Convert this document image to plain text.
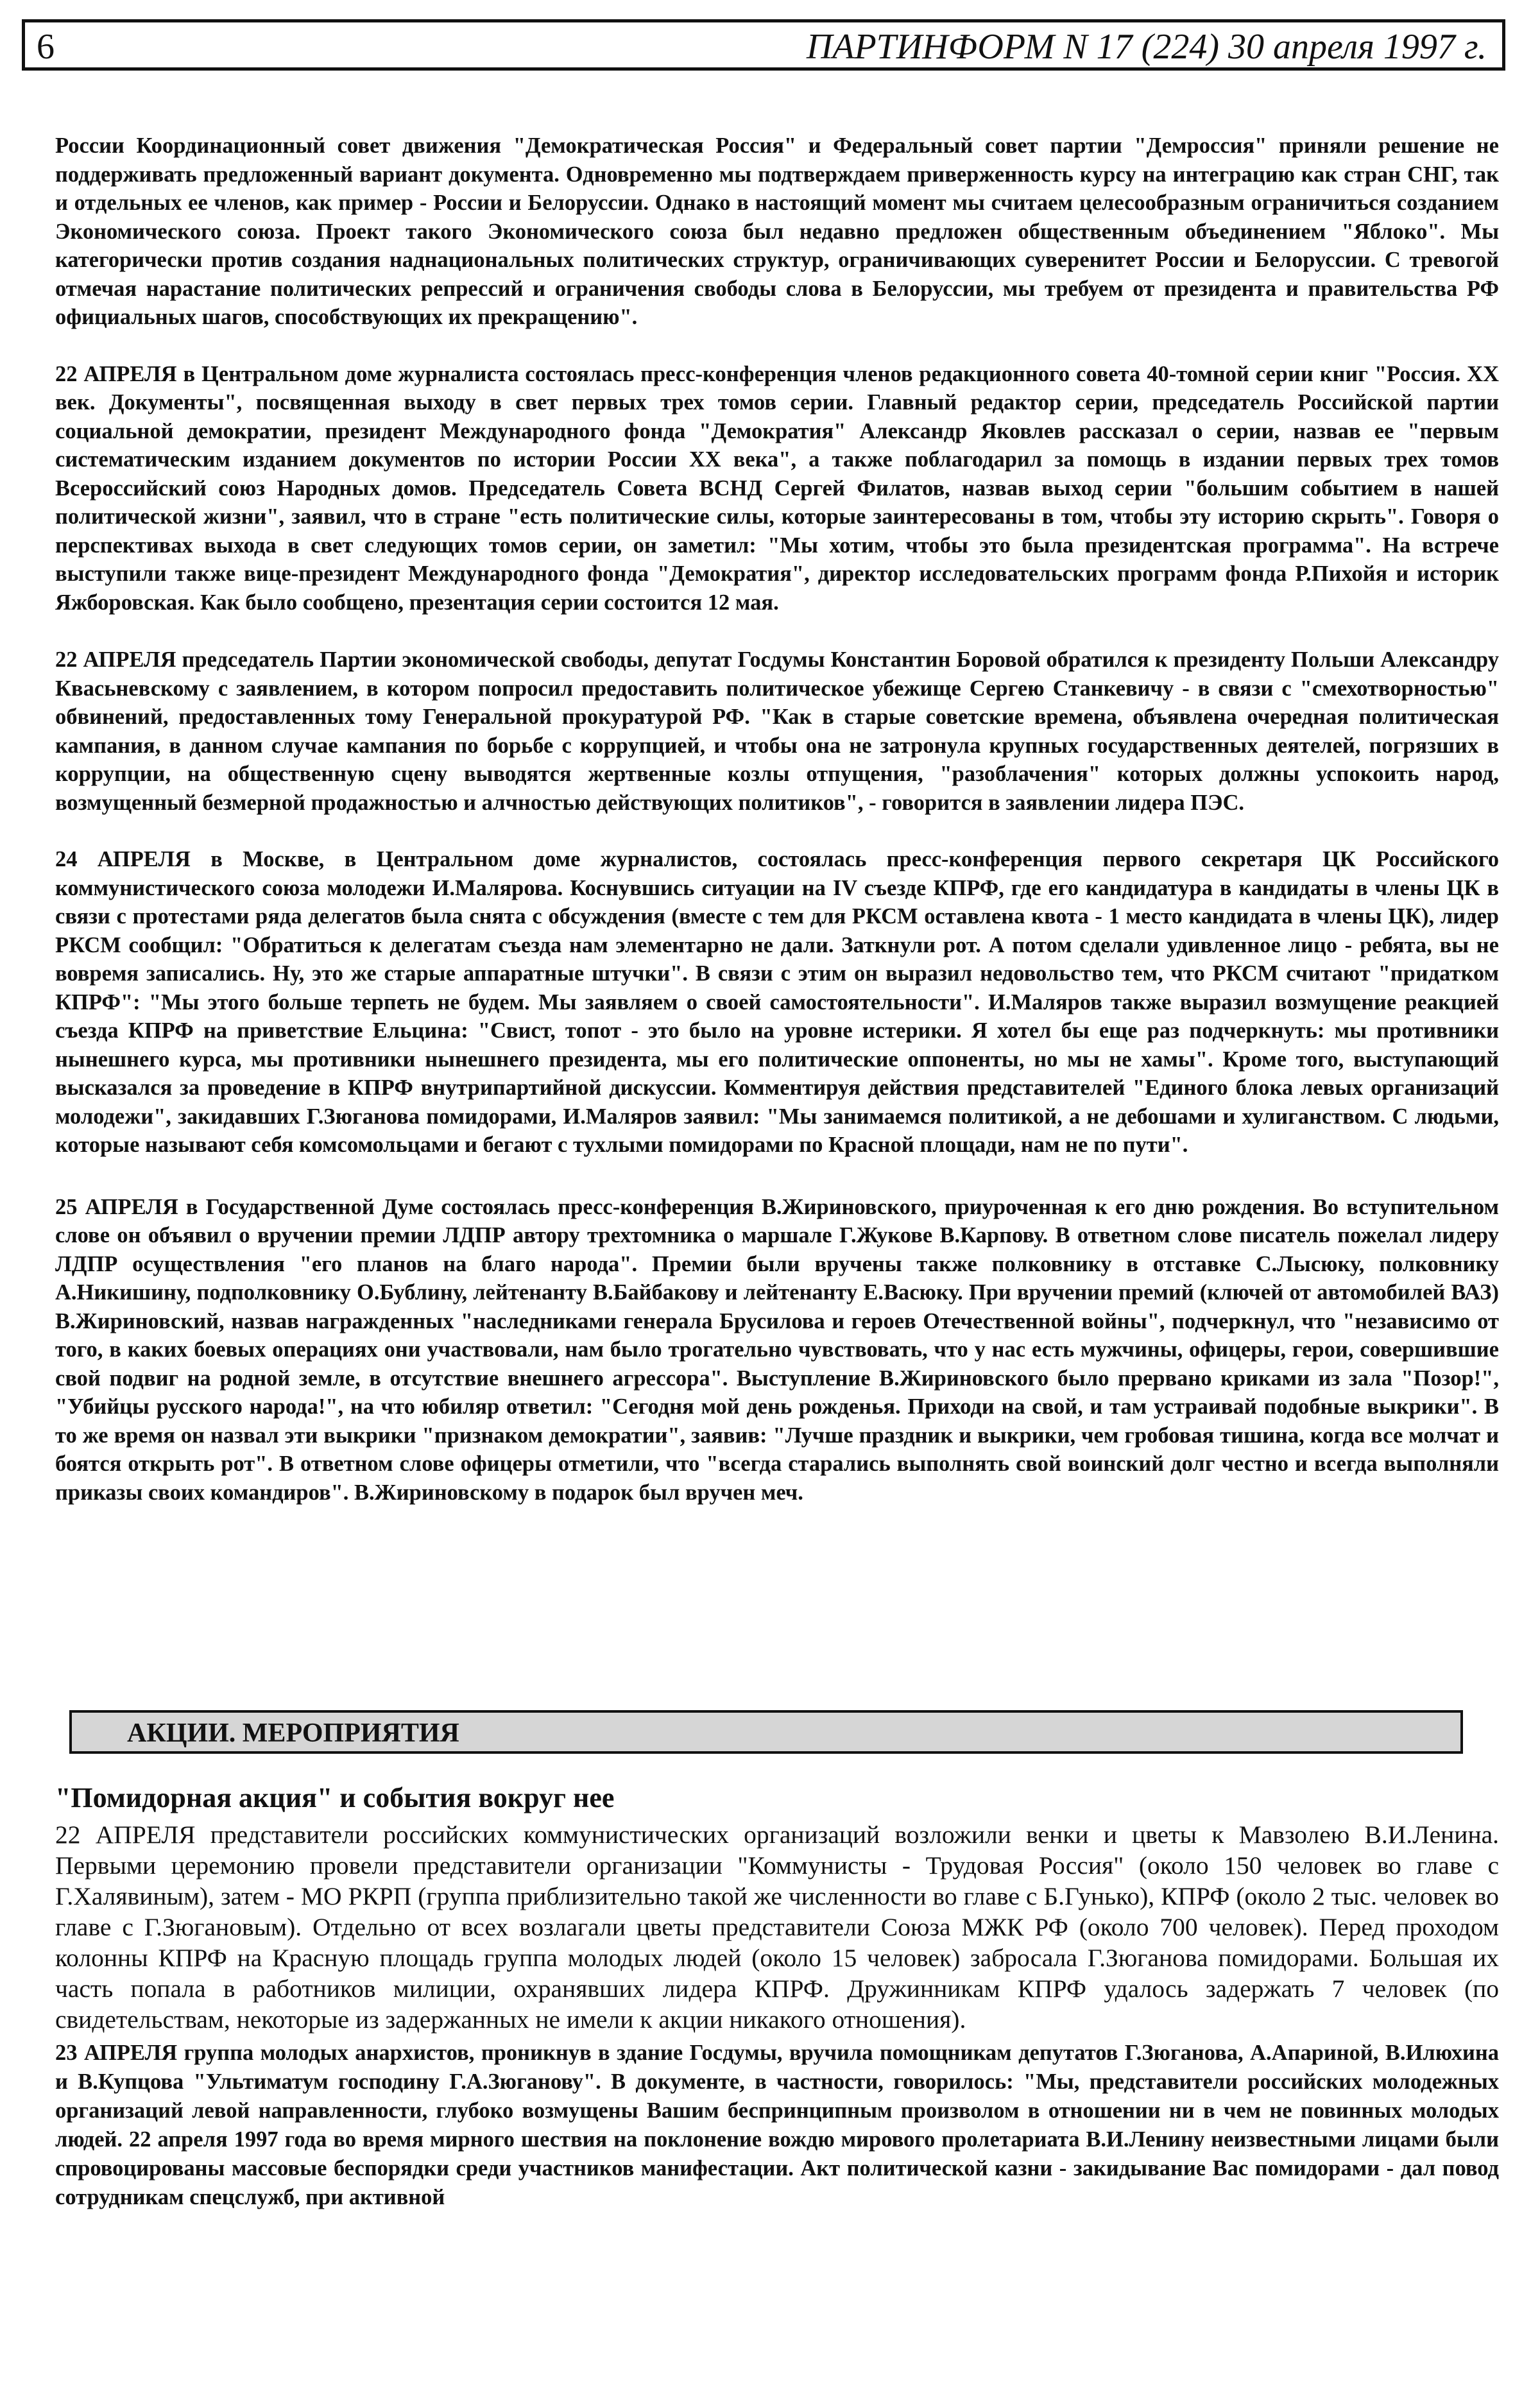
6	ПАРТИНФОРМ N 17 (224) 30 апреля 1997 г.

России Координационный совет движения "Демократическая Россия" и Федеральный совет партии "Демроссия" приняли решение не поддерживать предложенный вариант документа. Одновременно мы подтверждаем приверженность курсу на интеграцию как стран СНГ, так и отдельных ее членов, как пример - России и Белоруссии. Однако в настоящий момент мы считаем целесообразным ограничиться созданием Экономического союза. Проект такого Экономического союза был недавно предложен общественным объединением "Яблоко". Мы категорически против создания наднациональных политических структур, ограничивающих суверенитет России и Белоруссии. С тревогой отмечая нарастание политических репрессий и ограничения свободы слова в Белоруссии, мы требуем от президента и правительства РФ официальных шагов, способствующих их прекращению".

22 АПРЕЛЯ в Центральном доме журналиста состоялась пресс-конференция членов редакционного совета 40-томной серии книг "Россия. XX век. Документы", посвященная выходу в свет первых трех томов серии. Главный редактор серии, председатель Российской партии социальной демократии, президент Международного фонда "Демократия" Александр Яковлев рассказал о серии, назвав ее "первым систематическим изданием документов по истории России XX века", а также поблагодарил за помощь в издании первых трех томов Всероссийский союз Народных домов. Председатель Совета ВСНД Сергей Филатов, назвав выход серии "большим событием в нашей политической жизни", заявил, что в стране "есть политические силы, которые заинтересованы в том, чтобы эту историю скрыть". Говоря о перспективах выхода в свет следующих томов серии, он заметил: "Мы хотим, чтобы это была президентская программа". На встрече выступили также вице-президент Международного фонда "Демократия", директор исследовательских программ фонда Р.Пихойя и историк Яжборовская. Как было сообщено, презентация серии состоится 12 мая.

22 АПРЕЛЯ председатель Партии экономической свободы, депутат Госдумы Константин Боровой обратился к президенту Польши Александру Квасьневскому с заявлением, в котором попросил предоставить политическое убежище Сергею Станкевичу - в связи с "смехотворностью" обвинений, предоставленных тому Генеральной прокуратурой РФ. "Как в старые советские времена, объявлена очередная политическая кампания, в данном случае кампания по борьбе с коррупцией, и чтобы она не затронула крупных государственных деятелей, погрязших в коррупции, на общественную сцену выводятся жертвенные козлы отпущения, "разоблачения" которых должны успокоить народ, возмущенный безмерной продажностью и алчностью действующих политиков", - говорится в заявлении лидера ПЭС.

24 АПРЕЛЯ в Москве, в Центральном доме журналистов, состоялась пресс-конференция первого секретаря ЦК Российского коммунистического союза молодежи И.Малярова. Коснувшись ситуации на IV съезде КПРФ, где его кандидатура в кандидаты в члены ЦК в связи с протестами ряда делегатов была снята с обсуждения (вместе с тем для РКСМ оставлена квота - 1 место кандидата в члены ЦК), лидер РКСМ сообщил: "Обратиться к делегатам съезда нам элементарно не дали. Заткнули рот. А потом сделали удивленное лицо - ребята, вы не вовремя записались. Ну, это же старые аппаратные штучки". В связи с этим он выразил недовольство тем, что РКСМ считают "придатком КПРФ": "Мы этого больше терпеть не будем. Мы заявляем о своей самостоятельности". И.Маляров также выразил возмущение реакцией съезда КПРФ на приветствие Ельцина: "Свист, топот - это было на уровне истерики. Я хотел бы еще раз подчеркнуть: мы противники нынешнего курса, мы противники нынешнего президента, мы его политические оппоненты, но мы не хамы". Кроме того, выступающий высказался за проведение в КПРФ внутрипартийной дискуссии. Комментируя действия представителей "Единого блока левых организаций молодежи", закидавших Г.Зюганова помидорами, И.Маляров заявил: "Мы занимаемся политикой, а не дебошами и хулиганством. С людьми, которые называют себя комсомольцами и бегают с тухлыми помидорами по Красной площади, нам не по пути".

25 АПРЕЛЯ в Государственной Думе состоялась пресс-конференция В.Жириновского, приуроченная к его дню рождения. Во вступительном слове он объявил о вручении премии ЛДПР автору трехтомника о маршале Г.Жукове В.Карпову. В ответном слове писатель пожелал лидеру ЛДПР осуществления "его планов на благо народа". Премии были вручены также полковнику в отставке С.Лысюку, полковнику А.Никишину, подполковнику О.Бублину, лейтенанту В.Байбакову и лейтенанту Е.Васюку. При вручении премий (ключей от автомобилей ВАЗ) В.Жириновский, назвав награжденных "наследниками генерала Брусилова и героев Отечественной войны", подчеркнул, что "независимо от того, в каких боевых операциях они участвовали, нам было трогательно чувствовать, что у нас есть мужчины, офицеры, герои, совершившие свой подвиг на родной земле, в отсутствие внешнего агрессора". Выступление В.Жириновского было прервано криками из зала "Позор!", "Убийцы русского народа!", на что юбиляр ответил: "Сегодня мой день рожденья. Приходи на свой, и там устраивай подобные выкрики". В то же время он назвал эти выкрики "признаком демократии", заявив: "Лучше праздник и выкрики, чем гробовая тишина, когда все молчат и боятся открыть рот". В ответном слове офицеры отметили, что "всегда старались выполнять свой воинский долг честно и всегда выполняли приказы своих командиров". В.Жириновскому в подарок был вручен меч.

АКЦИИ. МЕРОПРИЯТИЯ

"Помидорная акция" и события вокруг нее

22 АПРЕЛЯ представители российских коммунистических организаций возложили венки и цветы к Мавзолею В.И.Ленина. Первыми церемонию провели представители организации "Коммунисты - Трудовая Россия" (около 150 человек во главе с Г.Халявиным), затем - МО РКРП (группа приблизительно такой же численности во главе с Б.Гунько), КПРФ (около 2 тыс. человек во главе с Г.Зюгановым). Отдельно от всех возлагали цветы представители Союза МЖК РФ (около 700 человек). Перед проходом колонны КПРФ на Красную площадь группа молодых людей (около 15 человек) забросала Г.Зюганова помидорами. Большая их часть попала в работников милиции, охранявших лидера КПРФ. Дружинникам КПРФ удалось задержать 7 человек (по свидетельствам, некоторые из задержанных не имели к акции никакого отношения).

23 АПРЕЛЯ группа молодых анархистов, проникнув в здание Госдумы, вручила помощникам депутатов Г.Зюганова, А.Апариной, В.Илюхина и В.Купцова "Ультиматум господину Г.А.Зюганову". В документе, в частности, говорилось: "Мы, представители российских молодежных организаций левой направленности, глубоко возмущены Вашим беспринципным произволом в отношении ни в чем не повинных молодых людей. 22 апреля 1997 года во время мирного шествия на поклонение вождю мирового пролетариата В.И.Ленину неизвестными лицами были спровоцированы массовые беспорядки среди участников манифестации. Акт политической казни - закидывание Вас помидорами - дал повод сотрудникам спецслужб, при активной
